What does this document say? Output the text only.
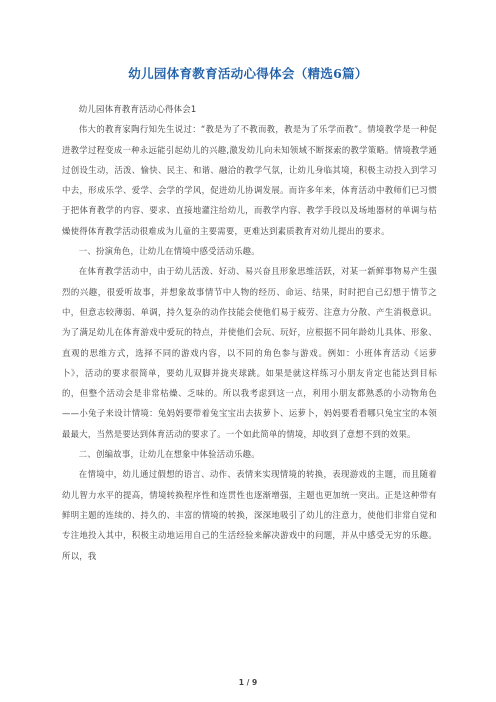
幼儿园体育教育活动心得体会（精选6篇）

幼儿园体育教育活动心得体会1

伟大的教育家陶行知先生说过：“教是为了不教而教，教是为了乐学而教”。情境教学是一种促进教学过程变成一种永远能引起幼儿的兴趣,激发幼儿向未知领域不断探索的教学策略。情境教学通过创设生动，活泼、愉快、民主、和谐、融洽的教学气氛，让幼儿身临其境，积极主动投入到学习中去，形成乐学、爱学、会学的学风，促进幼儿协调发展。而许多年来，体育活动中教师们已习惯于把体育教学的内容、要求、直接地灌注给幼儿，而教学内容、教学手段以及场地器材的单调与枯燥使得体育教学活动很难成为儿童的主要需要，更难达到素质教育对幼儿提出的要求。

一、扮演角色，让幼儿在情境中感受活动乐趣。

在体育教学活动中，由于幼儿活泼、好动、易兴奋且形象思维活跃，对某一新鲜事物易产生强烈的兴趣，很爱听故事，并想象故事情节中人物的经历、命运、结果，时时把自己幻想于情节之中，但意志较薄弱、单调，持久复杂的动作技能会使他们易于疲劳、注意力分散、产生消极意识。为了满足幼儿在体育游戏中爱玩的特点，并使他们会玩、玩好，应根据不同年龄幼儿具体、形象、直观的思维方式，选择不同的游戏内容，以不同的角色参与游戏。例如：小班体育活动《运萝卜》，活动的要求很简单，要幼儿双脚并拢夹球跳。如果是就这样练习小朋友肯定也能达到目标的，但整个活动会是非常枯燥、乏味的。所以我考虑到这一点，利用小朋友都熟悉的小动物角色——小兔子来设计情境：兔妈妈要带着兔宝宝出去拔萝卜、运萝卜，妈妈要看看哪只兔宝宝的本领最最大，当然是要达到体育活动的要求了。一个如此简单的情境，却收到了意想不到的效果。

二、创编故事，让幼儿在想象中体验活动乐趣。

在情境中，幼儿通过假想的语言、动作、表情来实现情境的转换，表现游戏的主题，而且随着幼儿智力水平的提高，情境转换程序性和连贯性也逐渐增强，主题也更加统一突出。正是这种带有鲜明主题的连续的、持久的、丰富的情境的转换，深深地吸引了幼儿的注意力，使他们非常自觉和专注地投入其中，积极主动地运用自己的生活经验来解决游戏中的问题，并从中感受无穷的乐趣。所以，我

1 / 9
